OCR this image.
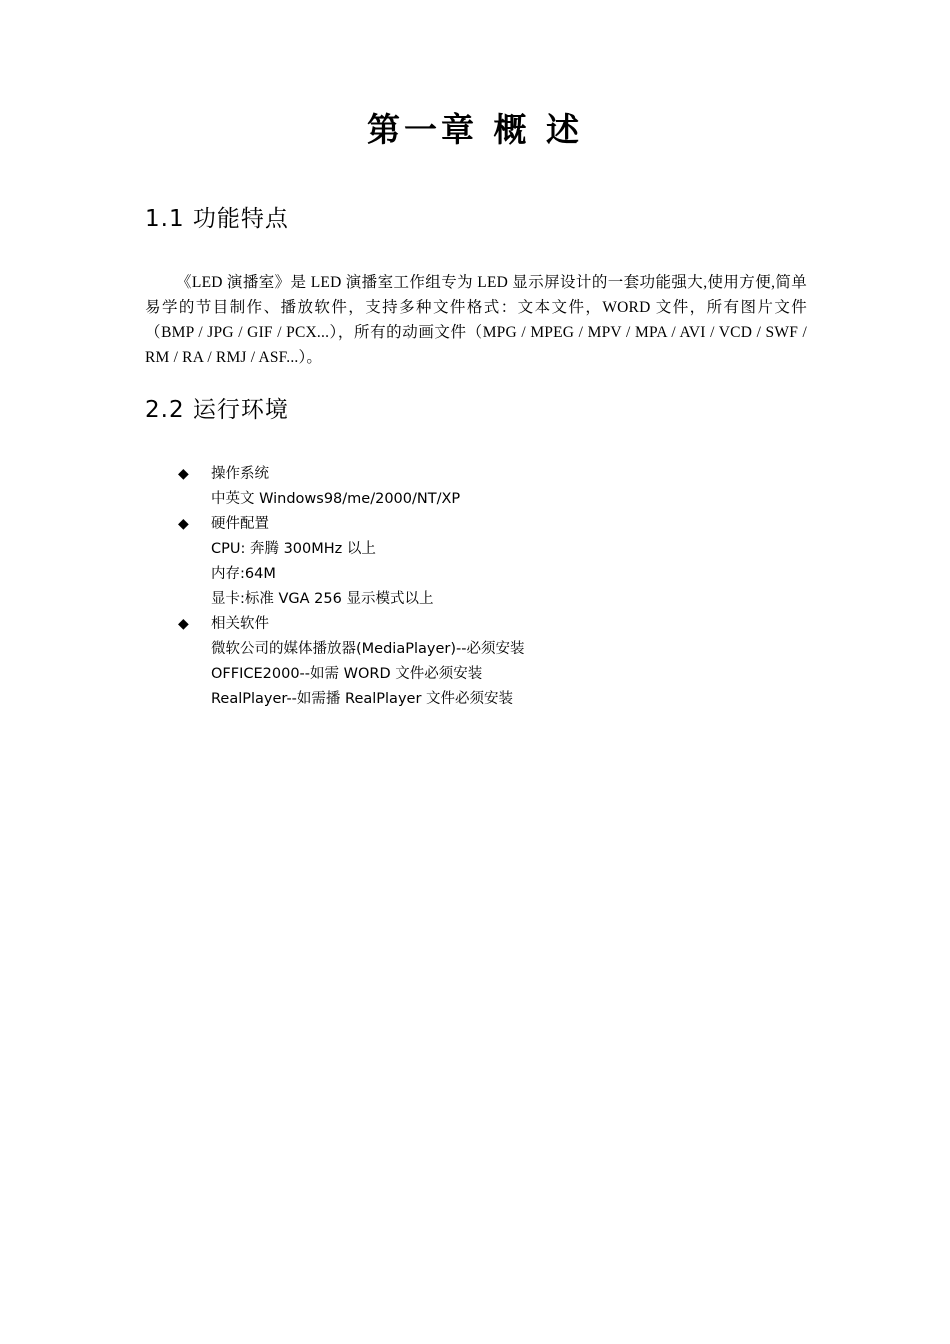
第一章 概 述
1.1 功能特点

《LED 演播室》是 LED 演播室工作组专为 LED 显示屏设计的一套功能强大,使用方便,简单易学的节目制作、播放软件，支持多种文件格式：文本文件，WORD 文件，所有图片文件（BMP / JPG / GIF / PCX...），所有的动画文件（MPG / MPEG / MPV / MPA / AVI / VCD / SWF / RM / RA / RMJ / ASF...）。

2.2 运行环境
◆	操作系统
中英文 Windows98/me/2000/NT/XP
◆	硬件配置
CPU: 奔腾 300MHz 以上
内存:64M
显卡:标准 VGA 256 显示模式以上
◆	相关软件
微软公司的媒体播放器(MediaPlayer)--必须安装
OFFICE2000--如需 WORD 文件必须安装
RealPlayer--如需播 RealPlayer 文件必须安装
